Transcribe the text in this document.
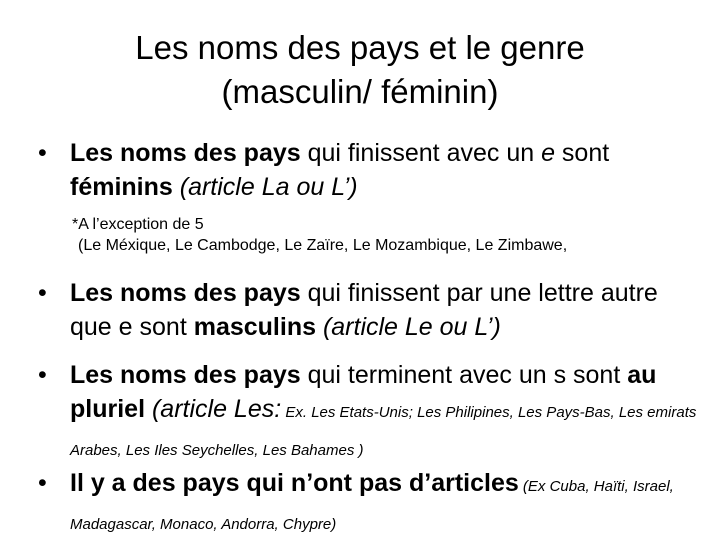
Les noms des pays et le genre
(masculin/ féminin)
• Les noms des pays qui finissent avec un e sont
féminins (article La ou L’)
*A l’exception de 5
(Le Méxique, Le Cambodge, Le Zaïre, Le Mozambique, Le Zimbawe,
• Les noms des pays qui finissent par une lettre autre que e sont masculins (article Le ou L’)
• Les noms des pays qui terminent avec un s sont au pluriel (article Les: Ex. Les Etats-Unis; Les Philipines, Les Pays-Bas, Les emirats Arabes, Les Iles Seychelles, Les Bahames )
• Il y a des pays qui n’ont pas d’articles (Ex Cuba, Haïti, Israel, Madagascar, Monaco, Andorra, Chypre)
